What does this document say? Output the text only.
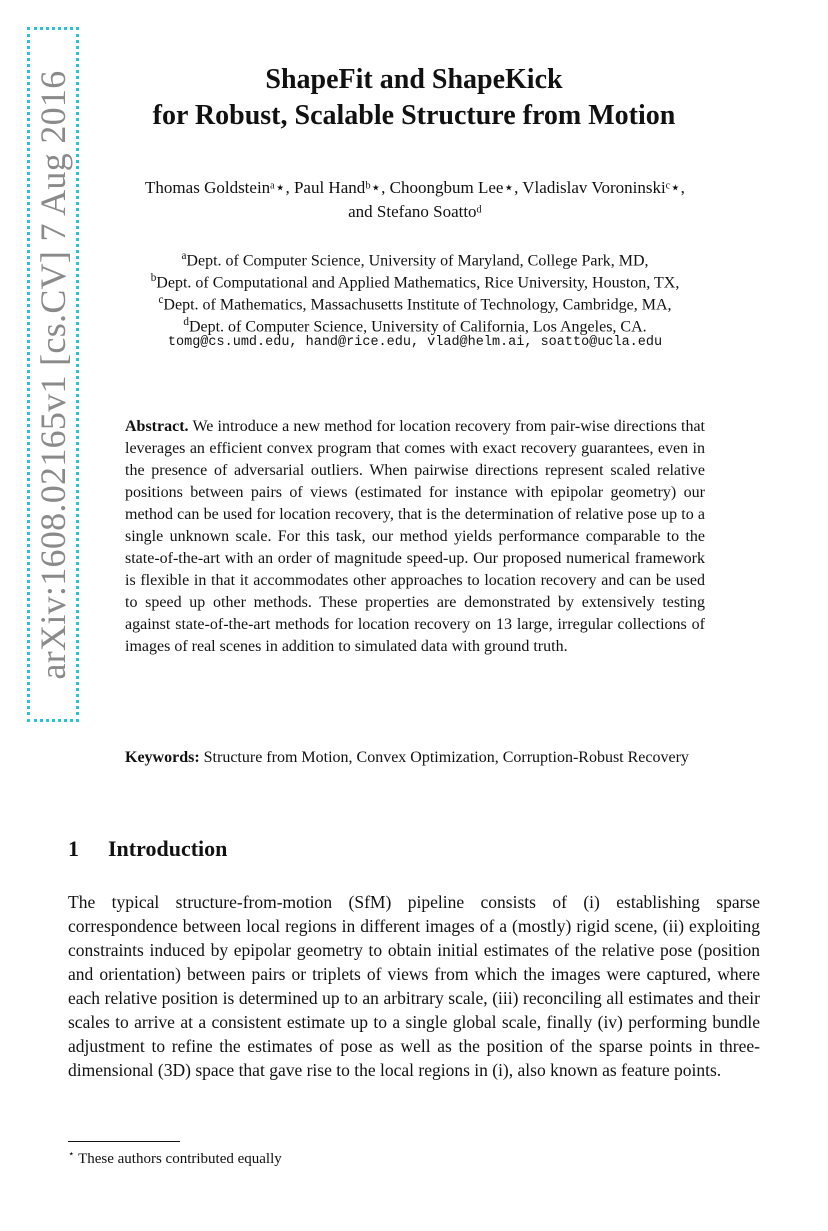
arXiv:1608.02165v1 [cs.CV] 7 Aug 2016	ShapeFit and ShapeKick
for Robust, Scalable Structure from Motion
Thomas Goldsteinᵃ⋆, Paul Handᵇ⋆, Choongbum Lee⋆, Vladislav Voroninskiᶜ⋆,
and Stefano Soattoᵈ
$^a$Dept. of Computer Science, University of Maryland, College Park, MD,
$^b$Dept. of Computational and Applied Mathematics, Rice University, Houston, TX,
$^c$Dept. of Mathematics, Massachusetts Institute of Technology, Cambridge, MA,
$^d$Dept. of Computer Science, University of California, Los Angeles, CA.
tomg@cs.umd.edu, hand@rice.edu, vlad@helm.ai, soatto@ucla.edu
Abstract. We introduce a new method for location recovery from pair-wise directions that leverages an efficient convex program that comes with exact recovery guarantees, even in the presence of adversarial outliers. When pairwise directions represent scaled relative positions between pairs of views (estimated for instance with epipolar geometry) our method can be used for location recovery, that is the determination of relative pose up to a single unknown scale. For this task, our method yields performance comparable to the state-of-the-art with an order of magnitude speed-up. Our proposed numerical framework is flexible in that it accommodates other approaches to location recovery and can be used to speed up other methods. These properties are demonstrated by extensively testing against state-of-the-art methods for location recovery on 13 large, irregular collections of images of real scenes in addition to simulated data with ground truth.
Keywords: Structure from Motion, Convex Optimization, Corruption-Robust Recovery
1 Introduction
The typical structure-from-motion (SfM) pipeline consists of (i) establishing sparse correspondence between local regions in different images of a (mostly) rigid scene, (ii) exploiting constraints induced by epipolar geometry to obtain initial estimates of the relative pose (position and orientation) between pairs or triplets of views from which the images were captured, where each relative position is determined up to an arbitrary scale, (iii) reconciling all estimates and their scales to arrive at a consistent estimate up to a single global scale, finally (iv) performing bundle adjustment to refine the estimates of pose as well as the position of the sparse points in three-dimensional (3D) space that gave rise to the local regions in (i), also known as feature points.
⋆ These authors contributed equally
